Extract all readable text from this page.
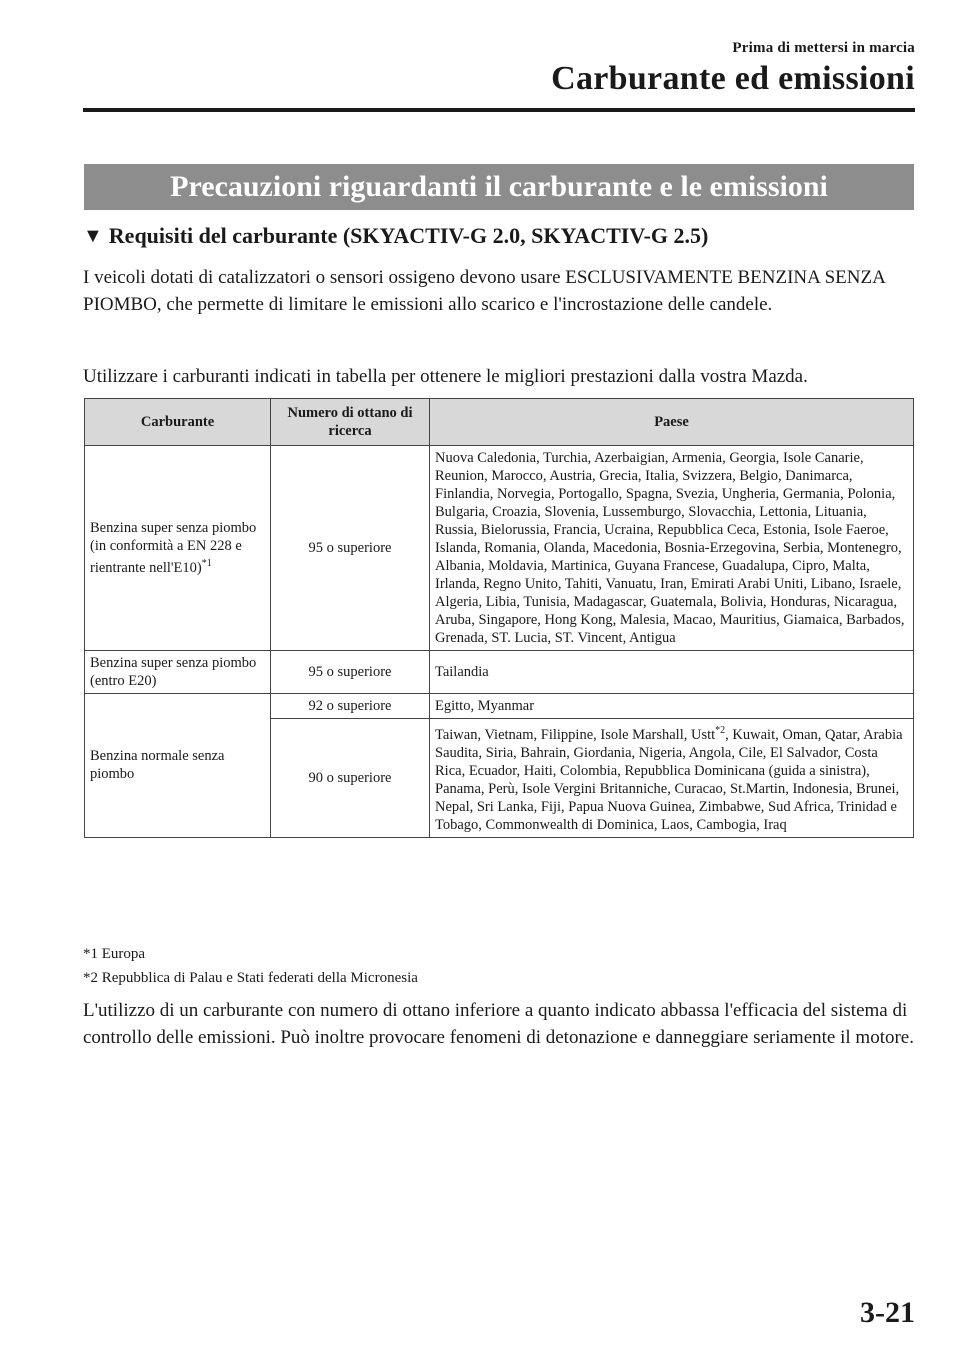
Prima di mettersi in marcia
Carburante ed emissioni
Precauzioni riguardanti il carburante e le emissioni
▼ Requisiti del carburante (SKYACTIV-G 2.0, SKYACTIV-G 2.5)
I veicoli dotati di catalizzatori o sensori ossigeno devono usare ESCLUSIVAMENTE BENZINA SENZA PIOMBO, che permette di limitare le emissioni allo scarico e l'incrostazione delle candele.
Utilizzare i carburanti indicati in tabella per ottenere le migliori prestazioni dalla vostra Mazda.
Carburante	Numero di ottano di ricerca	Paese
Benzina super senza piombo (in conformità a EN 228 e rientrante nell'E10)$^{*1}$	95 o superiore	Nuova Caledonia, Turchia, Azerbaigian, Armenia, Georgia, Isole Canarie, Reunion, Marocco, Austria, Grecia, Italia, Svizzera, Belgio, Danimarca, Finlandia, Norvegia, Portogallo, Spagna, Svezia, Ungheria, Germania, Polonia, Bulgaria, Croazia, Slovenia, Lussemburgo, Slovacchia, Lettonia, Lituania, Russia, Bielorussia, Francia, Ucraina, Repubblica Ceca, Estonia, Isole Faeroe, Islanda, Romania, Olanda, Macedonia, Bosnia-Erzegovina, Serbia, Montenegro, Albania, Moldavia, Martinica, Guyana Francese, Guadalupa, Cipro, Malta, Irlanda, Regno Unito, Tahiti, Vanuatu, Iran, Emirati Arabi Uniti, Libano, Israele, Algeria, Libia, Tunisia, Madagascar, Guatemala, Bolivia, Honduras, Nicaragua, Aruba, Singapore, Hong Kong, Malesia, Macao, Mauritius, Giamaica, Barbados, Grenada, ST. Lucia, ST. Vincent, Antigua
Benzina super senza piombo (entro E20)	95 o superiore	Tailandia
Benzina normale senza piombo	92 o superiore	Egitto, Myanmar
	90 o superiore	Taiwan, Vietnam, Filippine, Isole Marshall, Ustt$^{*2}$, Kuwait, Oman, Qatar, Arabia Saudita, Siria, Bahrain, Giordania, Nigeria, Angola, Cile, El Salvador, Costa Rica, Ecuador, Haiti, Colombia, Repubblica Dominicana (guida a sinistra), Panama, Perù, Isole Vergini Britanniche, Curacao, St.Martin, Indonesia, Brunei, Nepal, Sri Lanka, Fiji, Papua Nuova Guinea, Zimbabwe, Sud Africa, Trinidad e Tobago, Commonwealth di Dominica, Laos, Cambogia, Iraq
*1 Europa
*2 Repubblica di Palau e Stati federati della Micronesia
L'utilizzo di un carburante con numero di ottano inferiore a quanto indicato abbassa l'efficacia del sistema di controllo delle emissioni. Può inoltre provocare fenomeni di detonazione e danneggiare seriamente il motore.
3-21
